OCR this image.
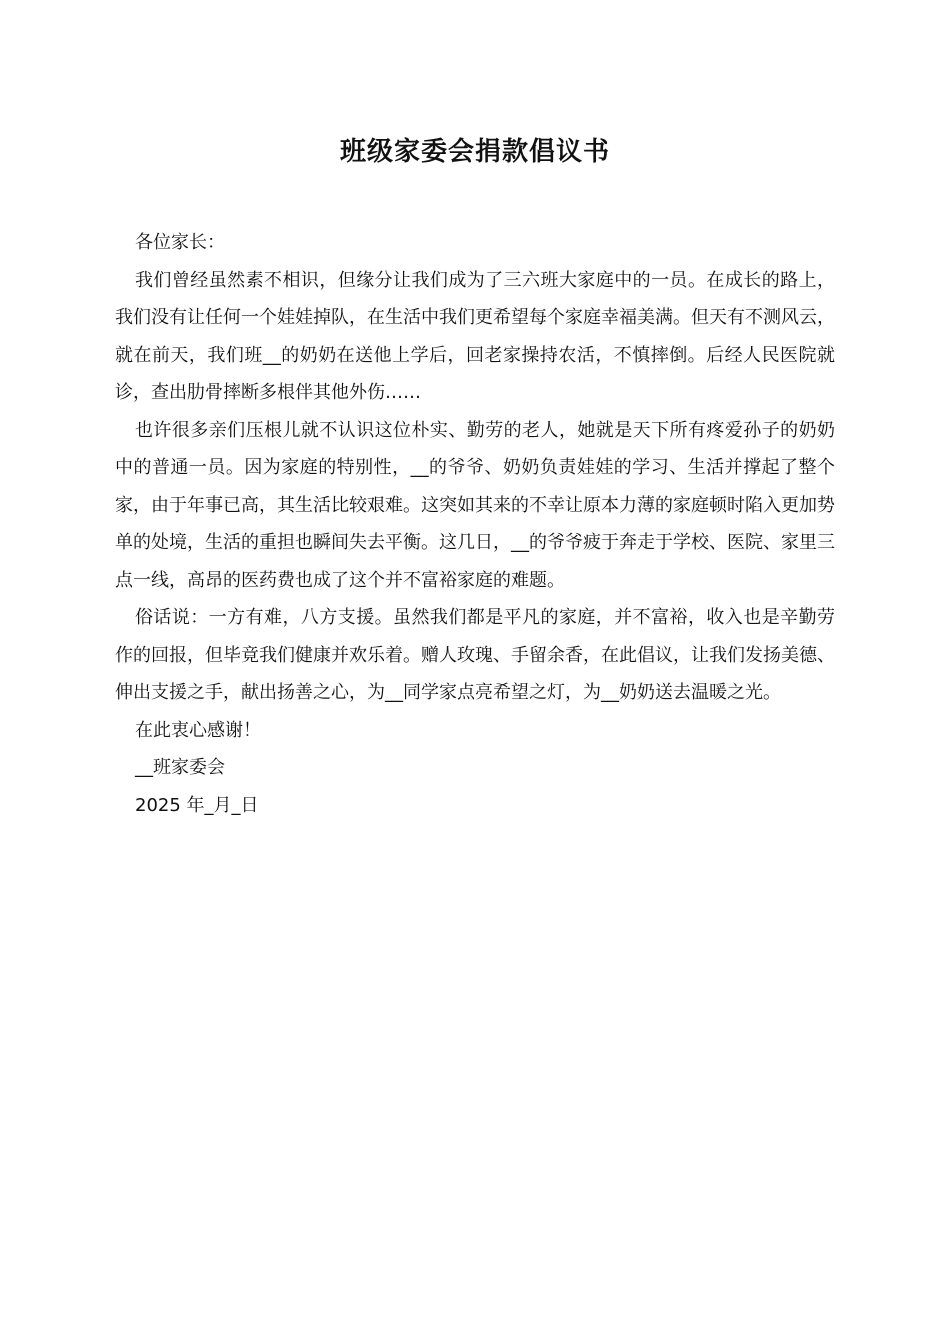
班级家委会捐款倡议书

各位家长：

我们曾经虽然素不相识，但缘分让我们成为了三六班大家庭中的一员。在成长的路上，我们没有让任何一个娃娃掉队，在生活中我们更希望每个家庭幸福美满。但天有不测风云，就在前天，我们班__的奶奶在送他上学后，回老家操持农活，不慎摔倒。后经人民医院就诊，查出肋骨摔断多根伴其他外伤……

也许很多亲们压根儿就不认识这位朴实、勤劳的老人，她就是天下所有疼爱孙子的奶奶中的普通一员。因为家庭的特别性，__的爷爷、奶奶负责娃娃的学习、生活并撑起了整个家，由于年事已高，其生活比较艰难。这突如其来的不幸让原本力薄的家庭顿时陷入更加势单的处境，生活的重担也瞬间失去平衡。这几日，__的爷爷疲于奔走于学校、医院、家里三点一线，高昂的医药费也成了这个并不富裕家庭的难题。

俗话说：一方有难，八方支援。虽然我们都是平凡的家庭，并不富裕，收入也是辛勤劳作的回报，但毕竟我们健康并欢乐着。赠人玫瑰、手留余香，在此倡议，让我们发扬美德、伸出支援之手，献出扬善之心，为__同学家点亮希望之灯，为__奶奶送去温暖之光。

在此衷心感谢！

__班家委会

2025 年_月_日
